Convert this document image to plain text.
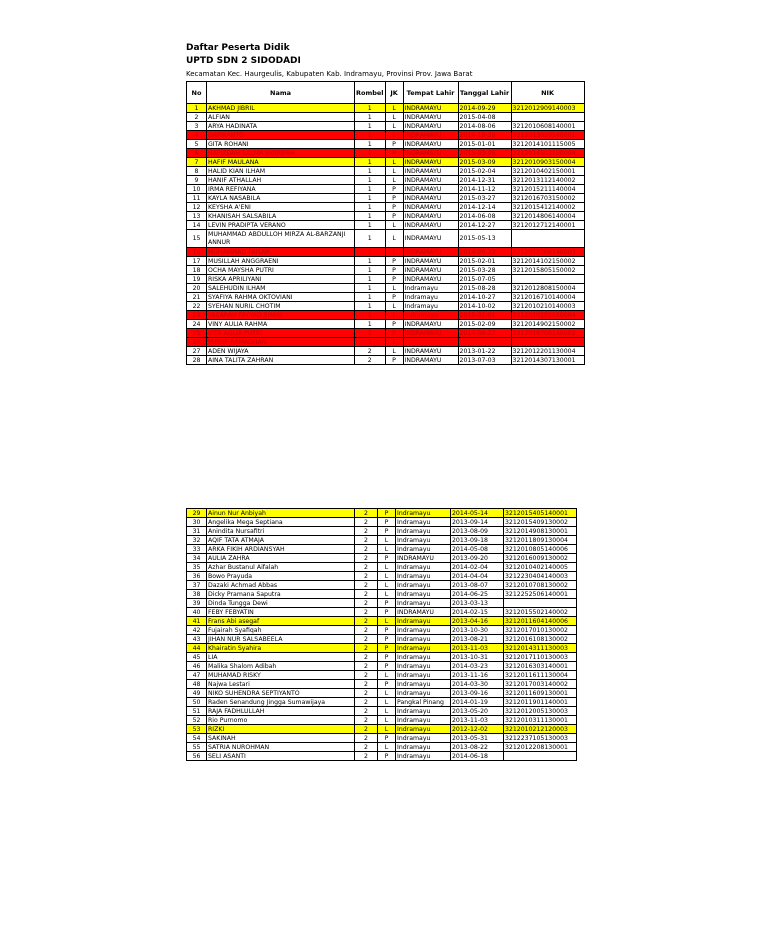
Daftar Peserta Didik
UPTD SDN 2 SIDODADI
Kecamatan Kec. Haurgeulis, Kabupaten Kab. Indramayu, Provinsi Prov. Jawa Barat
No	Nama	Rombel	JK	Tempat Lahir	Tanggal Lahir	NIK
1	AKHMAD JIBRIL	1	L	INDRAMAYU	2014-09-29	3212012909140003
2	ALFIAN	1	L	INDRAMAYU	2015-04-08	
3	ARYA HADINATA	1	L	INDRAMAYU	2014-08-06	3212010608140001
4	DARMANTO	1	L	INDRAMAYU	2014-10-30	3212013010140001
5	GITA ROHANI	1	P	INDRAMAYU	2015-01-01	3212014101115005
6	HAFIZDAH SALMA SYARIFAH	1	P	INDRAMAYU	2015-03-05	3212014503150004
7	HAFIF MAULANA	1	L	INDRAMAYU	2015-03-09	3212010903150004
8	HALID KIAN ILHAM	1	L	INDRAMAYU	2015-02-04	3212010402150001
9	HANIF ATHALLAH	1	L	INDRAMAYU	2014-12-31	3212013112140002
10	IRMA REFIYANA	1	P	INDRAMAYU	2014-11-12	3212015211140004
11	KAYLA NASABILA	1	P	INDRAMAYU	2015-03-27	3212016703150002
12	KEYSHA A'ENI	1	P	INDRAMAYU	2014-12-14	3212015412140002
13	KHANISAH SALSABILA	1	P	INDRAMAYU	2014-06-08	3212014806140004
14	LEVIN PRADIPTA VERANO	1	L	INDRAMAYU	2014-12-27	3212012712140001
15	MUHAMMAD ABDULLOH MIRZA AL-BARZANJI ANNUR	1	L	INDRAMAYU	2015-05-13	
16	MUHAMMAD FAISAR	1	L	INDRAMAYU	2014-06-22	3212012206140003
17	MUSILLAH ANGGRAENI	1	P	INDRAMAYU	2015-02-01	3212014102150002
18	OCHA MAYSHA PUTRI	1	P	INDRAMAYU	2015-03-28	3212015805150002
19	RISKA APRILIYANI	1	P	INDRAMAYU	2015-07-05	
20	SALEHUDIN ILHAM	1	L	Indramayu	2015-08-28	3212012808150004
21	SYAFIYA RAHMA OKTOVIANI	1	P	Indramayu	2014-10-27	3212016710140004
22	SYEHAN NURIL CHOTIM	1	L	Indramayu	2014-10-02	3212010210140003
23	YASARAH FAYYAD SHANI	1	L	Indramayu	2015-01-01	3212010101150004
24	VINY AULIA RAHMA	1	P	INDRAMAYU	2015-02-09	3212014902150002
25	VITA AQLIA PUTRI	1	P	INDRAMAYU	2014-06-27	3212016706140002
26	YUSUF RAMADHAN	1	L			
27	ADEN WIJAYA	2	L	INDRAMAYU	2013-01-22	3212012201130004
28	AINA TALITA ZAHRAN	2	P	INDRAMAYU	2013-07-03	3212014307130001
29	Ainun Nur Anbiyah	2	P	Indramayu	2014-05-14	3212015405140001
30	Angelika Mega Septiana	2	P	Indramayu	2013-09-14	3212015409130002
31	Anindita Nursafitri	2	P	Indramayu	2013-08-09	3212014908130001
32	AQIF TATA ATMAJA	2	L	Indramayu	2013-09-18	3212011809130004
33	ARKA FIKIH ARDIANSYAH	2	L	Indramayu	2014-05-08	3212010805140006
34	AULIA ZAHRA	2	P	INDRAMAYU	2013-09-20	3212016009130002
35	Azhar Bustanul Aifalah	2	L	Indramayu	2014-02-04	3212010402140005
36	Bowo Prayuda	2	L	Indramayu	2014-04-04	3212230404140003
37	Dazaki Achmad Abbas	2	L	Indramayu	2013-08-07	3212010708130002
38	Dicky Pramana Saputra	2	L	Indramayu	2014-06-25	3212252506140001
39	Dinda Tungga Dewi	2	P	Indramayu	2013-03-13	
40	FEBY FEBYATIN	2	P	INDRAMAYU	2014-02-15	3212015502140002
41	Frans Abi asegaf	2	L	Indramayu	2013-04-16	3212011604140006
42	Fujairah Syafiqah	2	P	Indramayu	2013-10-30	3212017010130002
43	JIHAN NUR SALSABEELA	2	P	Indramayu	2013-08-21	3212016108130002
44	Khairatin Syahira	2	P	Indramayu	2013-11-03	3212014311130003
45	LIA	2	P	Indramayu	2013-10-31	3212017110130003
46	Malika Shalom Adibah	2	P	Indramayu	2014-03-23	3212016303140001
47	MUHAMAD RISKY	2	L	Indramayu	2013-11-16	3212011611130004
48	Najwa Lestari	2	P	Indramayu	2014-03-30	3212017003140002
49	NIKO SUHENDRA SEPTIYANTO	2	L	Indramayu	2013-09-16	3212011609130001
50	Raden Senandung Jingga Sumawijaya	2	L	Pangkal Pinang	2014-01-19	3212011901140001
51	RAJA FADHLULLAH	2	L	Indramayu	2013-05-20	3212012005130003
52	Rio Purnomo	2	L	Indramayu	2013-11-03	3212010311130001
53	RIZKI	2	L	Indramayu	2012-12-02	3212010212120003
54	SAKINAH	2	P	Indramayu	2013-05-31	3212237105130003
55	SATRIA NUROHMAN	2	L	Indramayu	2013-08-22	3212012208130001
56	SELI ASANTI	2	P	Indramayu	2014-06-18	
